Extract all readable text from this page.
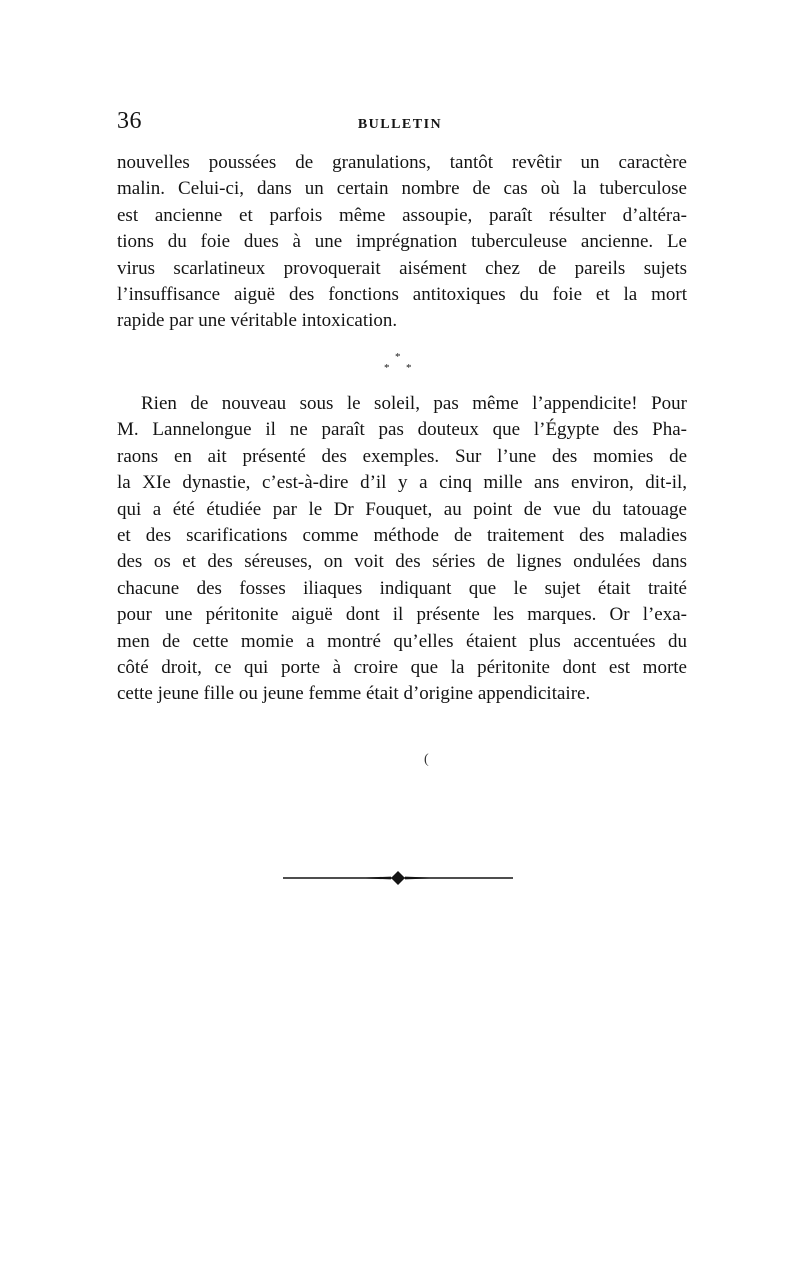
36	BULLETIN
nouvelles poussées de granulations, tantôt revêtir un caractère
malin. Celui-ci, dans un certain nombre de cas où la tuberculose
est ancienne et parfois même assoupie, paraît résulter d’altéra-
tions du foie dues à une imprégnation tuberculeuse ancienne. Le
virus scarlatineux provoquerait aisément chez de pareils sujets
l’insuffisance aiguë des fonctions antitoxiques du foie et la mort
rapide par une véritable intoxication.
*
* *
Rien de nouveau sous le soleil, pas même l’appendicite! Pour
M. Lannelongue il ne paraît pas douteux que l’Égypte des Pha-
raons en ait présenté des exemples. Sur l’une des momies de
la XIe dynastie, c’est-à-dire d’il y a cinq mille ans environ, dit-il,
qui a été étudiée par le Dr Fouquet, au point de vue du tatouage
et des scarifications comme méthode de traitement des maladies
des os et des séreuses, on voit des séries de lignes ondulées dans
chacune des fosses iliaques indiquant que le sujet était traité
pour une péritonite aiguë dont il présente les marques. Or l’exa-
men de cette momie a montré qu’elles étaient plus accentuées du
côté droit, ce qui porte à croire que la péritonite dont est morte
cette jeune fille ou jeune femme était d’origine appendicitaire.
(
